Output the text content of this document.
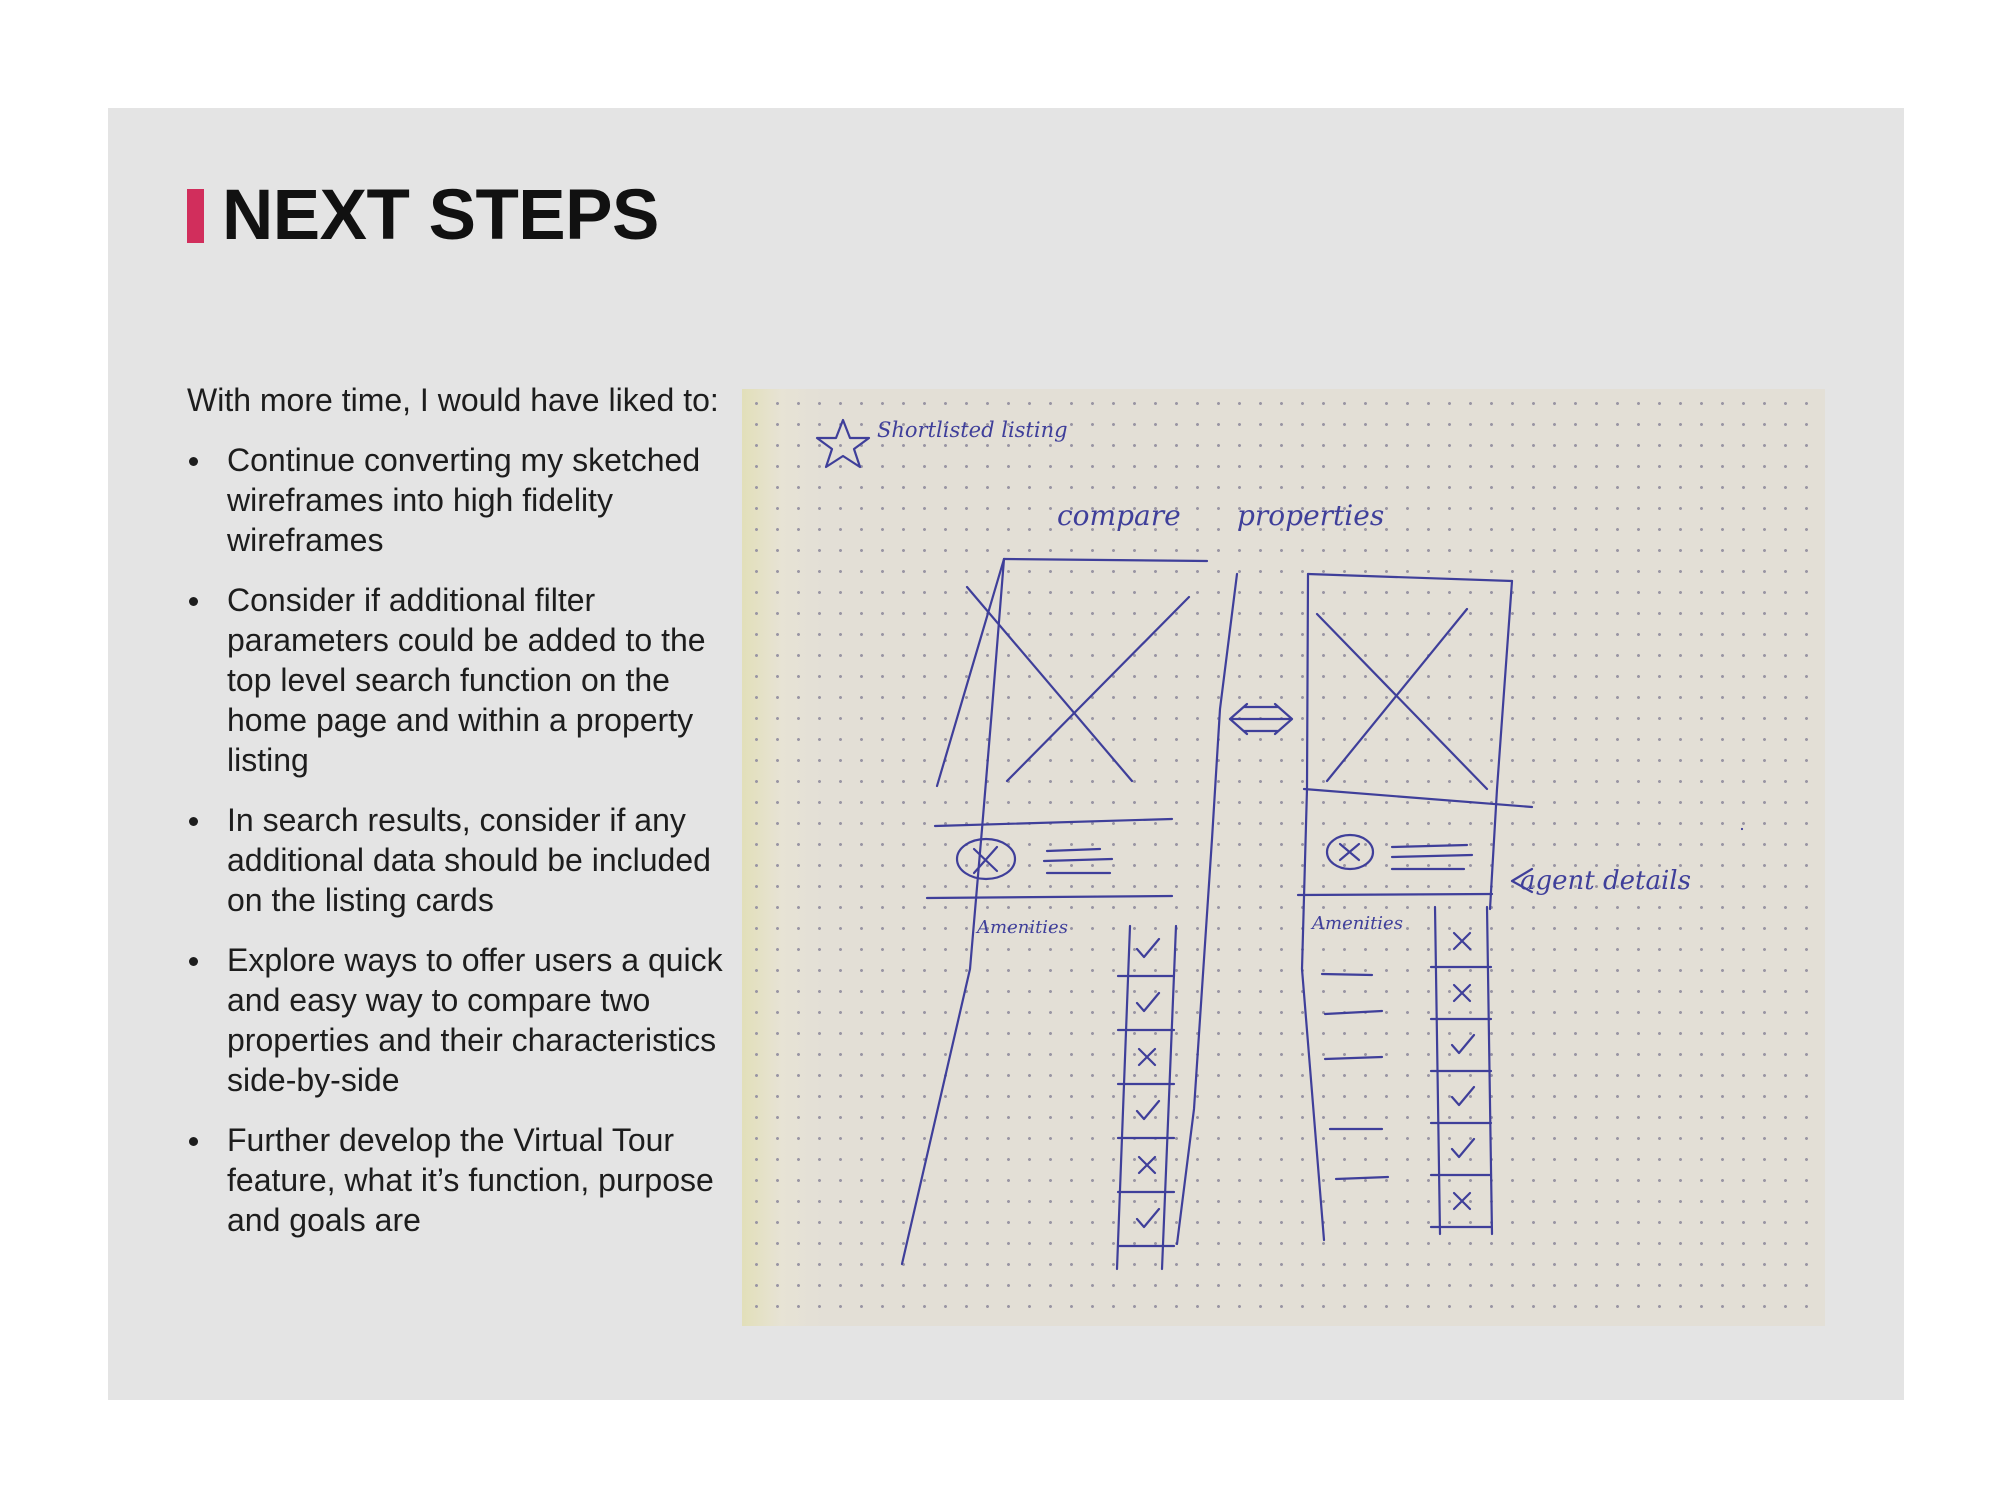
NEXT STEPS

With more time, I would have liked to:

Continue converting my sketched wireframes into high fidelity wireframes
Consider if additional filter parameters could be added to the top level search function on the home page and within a property listing
In search results, consider if any additional data should be included on the listing cards
Explore ways to offer users a quick and easy way to compare two properties and their characteristics side-by-side
Further develop the Virtual Tour feature, what it’s function, purpose and goals are
Shortlisted listing
compare properties
Amenities	Amenities
agent details
